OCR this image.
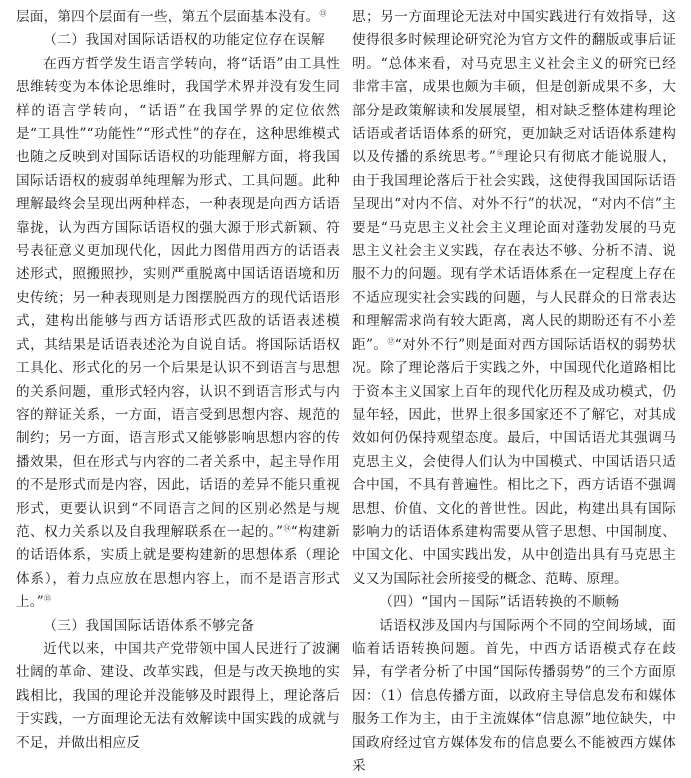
层面，第四个层面有一些，第五个层面基本没有。⑬

（二）我国对国际话语权的功能定位存在误解

在西方哲学发生语言学转向，将“话语”由工具性思维转变为本体论思维时，我国学术界并没有发生同样的语言学转向，“话语”在我国学界的定位依然是“工具性”“功能性”“形式性”的存在，这种思维模式也随之反映到对国际话语权的功能理解方面，将我国国际话语权的疲弱单纯理解为形式、工具问题。此种理解最终会呈现出两种样态，一种表现是向西方话语靠拢，认为西方国际话语权的强大源于形式新颖、符号表征意义更加现代化，因此力图借用西方的话语表述形式，照搬照抄，实则严重脱离中国话语语境和历史传统；另一种表现则是力图摆脱西方的现代话语形式，建构出能够与西方话语形式匹敌的话语表述模式，其结果是话语表述沦为自说自话。将国际话语权工具化、形式化的另一个后果是认识不到语言与思想的关系问题，重形式轻内容，认识不到语言形式与内容的辩证关系，一方面，语言受到思想内容、规范的制约；另一方面，语言形式又能够影响思想内容的传播效果，但在形式与内容的二者关系中，起主导作用的不是形式而是内容，因此，话语的差异不能只重视形式，更要认识到“不同语言之间的区别必然是与规范、权力关系以及自我理解联系在一起的。”⑭“构建新的话语体系，实质上就是要构建新的思想体系（理论体系），着力点应放在思想内容上，而不是语言形式上。”⑮

（三）我国国际话语体系不够完备

近代以来，中国共产党带领中国人民进行了波澜壮阔的革命、建设、改革实践，但是与改天换地的实践相比，我国的理论并没能够及时跟得上，理论落后于实践，一方面理论无法有效解读中国实践的成就与不足，并做出相应反

思；另一方面理论无法对中国实践进行有效指导，这使得很多时候理论研究沦为官方文件的翻版或事后证明。“总体来看，对马克思主义社会主义的研究已经非常丰富，成果也颇为丰硕，但是创新成果不多，大部分是政策解读和发展展望，相对缺乏整体建构理论话语或者话语体系的研究，更加缺乏对话语体系建构以及传播的系统思考。”⑯理论只有彻底才能说服人，由于我国理论落后于社会实践，这使得我国国际话语呈现出“对内不信、对外不行”的状况，“对内不信”主要是“马克思主义社会主义理论面对蓬勃发展的马克思主义社会主义实践，存在表达不够、分析不清、说服不力的问题。现有学术话语体系在一定程度上存在不适应现实社会实践的问题，与人民群众的日常表达和理解需求尚有较大距离，离人民的期盼还有不小差距”。⑰“对外不行”则是面对西方国际话语权的弱势状况。除了理论落后于实践之外，中国现代化道路相比于资本主义国家上百年的现代化历程及成功模式，仍显年轻，因此，世界上很多国家还不了解它，对其成效如何仍保持观望态度。最后，中国话语尤其强调马克思主义，会使得人们认为中国模式、中国话语只适合中国，不具有普遍性。相比之下，西方话语不强调思想、价值、文化的普世性。因此，构建出具有国际影响力的话语体系建构需要从管子思想、中国制度、中国文化、中国实践出发，从中创造出具有马克思主义又为国际社会所接受的概念、范畴、原理。

（四）“国内－国际”话语转换的不顺畅

话语权涉及国内与国际两个不同的空间场域，面临着话语转换问题。首先，中西方话语模式存在歧异，有学者分析了中国“国际传播弱势”的三个方面原因：（1）信息传播方面，以政府主导信息发布和媒体服务工作为主，由于主流媒体“信息源”地位缺失，中国政府经过官方媒体发布的信息要么不能被西方媒体采
